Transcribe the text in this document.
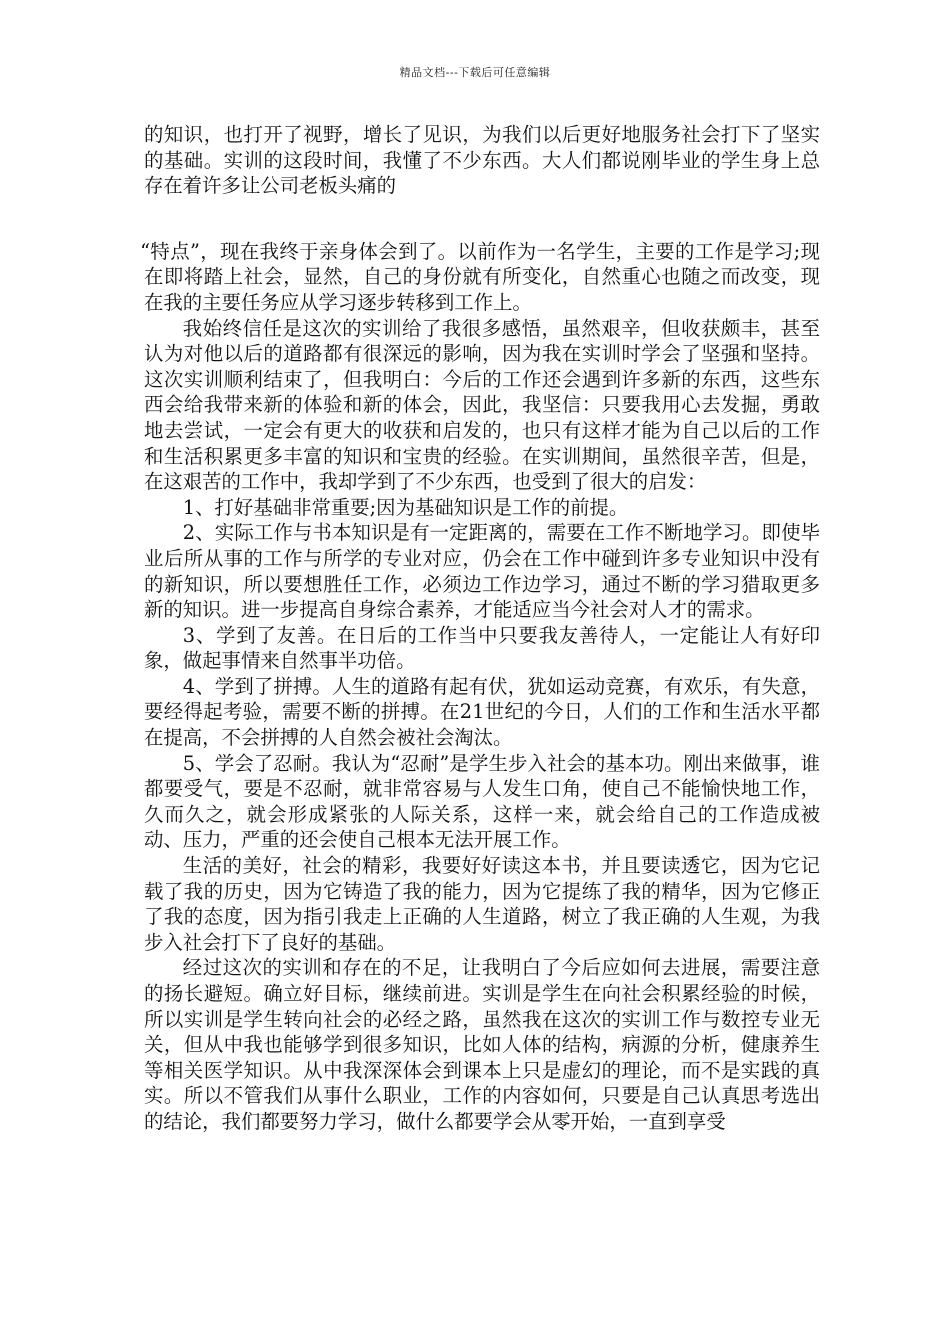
精品文档---下载后可任意编辑

的知识，也打开了视野，增长了见识，为我们以后更好地服务社会打下了坚实的基础。实训的这段时间，我懂了不少东西。大人们都说刚毕业的学生身上总存在着许多让公司老板头痛的

“特点”，现在我终于亲身体会到了。以前作为一名学生，主要的工作是学习;现在即将踏上社会，显然，自己的身份就有所变化，自然重心也随之而改变，现在我的主要任务应从学习逐步转移到工作上。

我始终信任是这次的实训给了我很多感悟，虽然艰辛，但收获颇丰，甚至认为对他以后的道路都有很深远的影响，因为我在实训时学会了坚强和坚持。这次实训顺利结束了，但我明白：今后的工作还会遇到许多新的东西，这些东西会给我带来新的体验和新的体会，因此，我坚信：只要我用心去发掘，勇敢地去尝试，一定会有更大的收获和启发的，也只有这样才能为自己以后的工作和生活积累更多丰富的知识和宝贵的经验。在实训期间，虽然很辛苦，但是，在这艰苦的工作中，我却学到了不少东西，也受到了很大的启发：

1、打好基础非常重要;因为基础知识是工作的前提。

2、实际工作与书本知识是有一定距离的，需要在工作不断地学习。即使毕业后所从事的工作与所学的专业对应，仍会在工作中碰到许多专业知识中没有的新知识，所以要想胜任工作，必须边工作边学习，通过不断的学习猎取更多新的知识。进一步提高自身综合素养，才能适应当今社会对人才的需求。

3、学到了友善。在日后的工作当中只要我友善待人，一定能让人有好印象，做起事情来自然事半功倍。

4、学到了拼搏。人生的道路有起有伏，犹如运动竞赛，有欢乐，有失意，要经得起考验，需要不断的拼搏。在21世纪的今日，人们的工作和生活水平都在提高，不会拼搏的人自然会被社会淘汰。

5、学会了忍耐。我认为“忍耐”是学生步入社会的基本功。刚出来做事，谁都要受气，要是不忍耐，就非常容易与人发生口角，使自己不能愉快地工作，久而久之，就会形成紧张的人际关系，这样一来，就会给自己的工作造成被动、压力，严重的还会使自己根本无法开展工作。

生活的美好，社会的精彩，我要好好读这本书，并且要读透它，因为它记载了我的历史，因为它铸造了我的能力，因为它提练了我的精华，因为它修正了我的态度，因为指引我走上正确的人生道路，树立了我正确的人生观，为我步入社会打下了良好的基础。

经过这次的实训和存在的不足，让我明白了今后应如何去进展，需要注意的扬长避短。确立好目标，继续前进。实训是学生在向社会积累经验的时候，所以实训是学生转向社会的必经之路，虽然我在这次的实训工作与数控专业无关，但从中我也能够学到很多知识，比如人体的结构，病源的分析，健康养生等相关医学知识。从中我深深体会到课本上只是虚幻的理论，而不是实践的真实。所以不管我们从事什么职业，工作的内容如何，只要是自己认真思考选出的结论，我们都要努力学习，做什么都要学会从零开始，一直到享受
